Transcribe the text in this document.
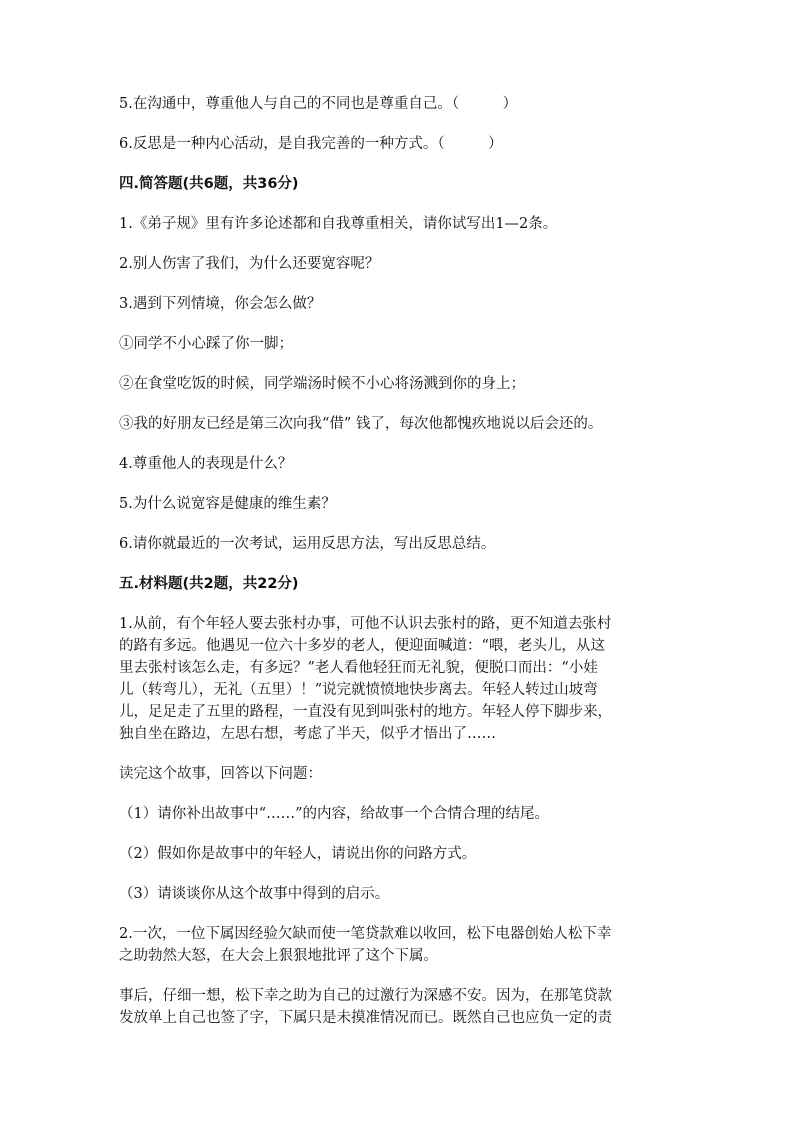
5.在沟通中，尊重他人与自己的不同也是尊重自己。（　　　）

6.反思是一种内心活动，是自我完善的一种方式。（　　　）

四.简答题(共6题，共36分)

1.《弟子规》里有许多论述都和自我尊重相关，请你试写出1—2条。

2.别人伤害了我们，为什么还要宽容呢？

3.遇到下列情境，你会怎么做？

①同学不小心踩了你一脚；

②在食堂吃饭的时候，同学端汤时候不小心将汤溅到你的身上；

③我的好朋友已经是第三次向我“借” 钱了，每次他都愧疚地说以后会还的。

4.尊重他人的表现是什么？

5.为什么说宽容是健康的维生素？

6.请你就最近的一次考试，运用反思方法，写出反思总结。

五.材料题(共2题，共22分)

1.从前，有个年轻人要去张村办事，可他不认识去张村的路，更不知道去张村

的路有多远。他遇见一位六十多岁的老人，便迎面喊道：“喂，老头儿，从这

里去张村该怎么走，有多远？”老人看他轻狂而无礼貌，便脱口而出：“小娃

儿（转弯儿），无礼（五里）！”说完就愤愤地快步离去。年轻人转过山坡弯

儿，足足走了五里的路程，一直没有见到叫张村的地方。年轻人停下脚步来，

独自坐在路边，左思右想，考虑了半天，似乎才悟出了……

读完这个故事，回答以下问题：

（1）请你补出故事中“……”的内容，给故事一个合情合理的结尾。

（2）假如你是故事中的年轻人，请说出你的问路方式。

（3）请谈谈你从这个故事中得到的启示。

2.一次，一位下属因经验欠缺而使一笔贷款难以收回，松下电器创始人松下幸

之助勃然大怒，在大会上狠狠地批评了这个下属。

事后，仔细一想，松下幸之助为自己的过激行为深感不安。因为，在那笔贷款

发放单上自己也签了字，下属只是未摸准情况而已。既然自己也应负一定的责
